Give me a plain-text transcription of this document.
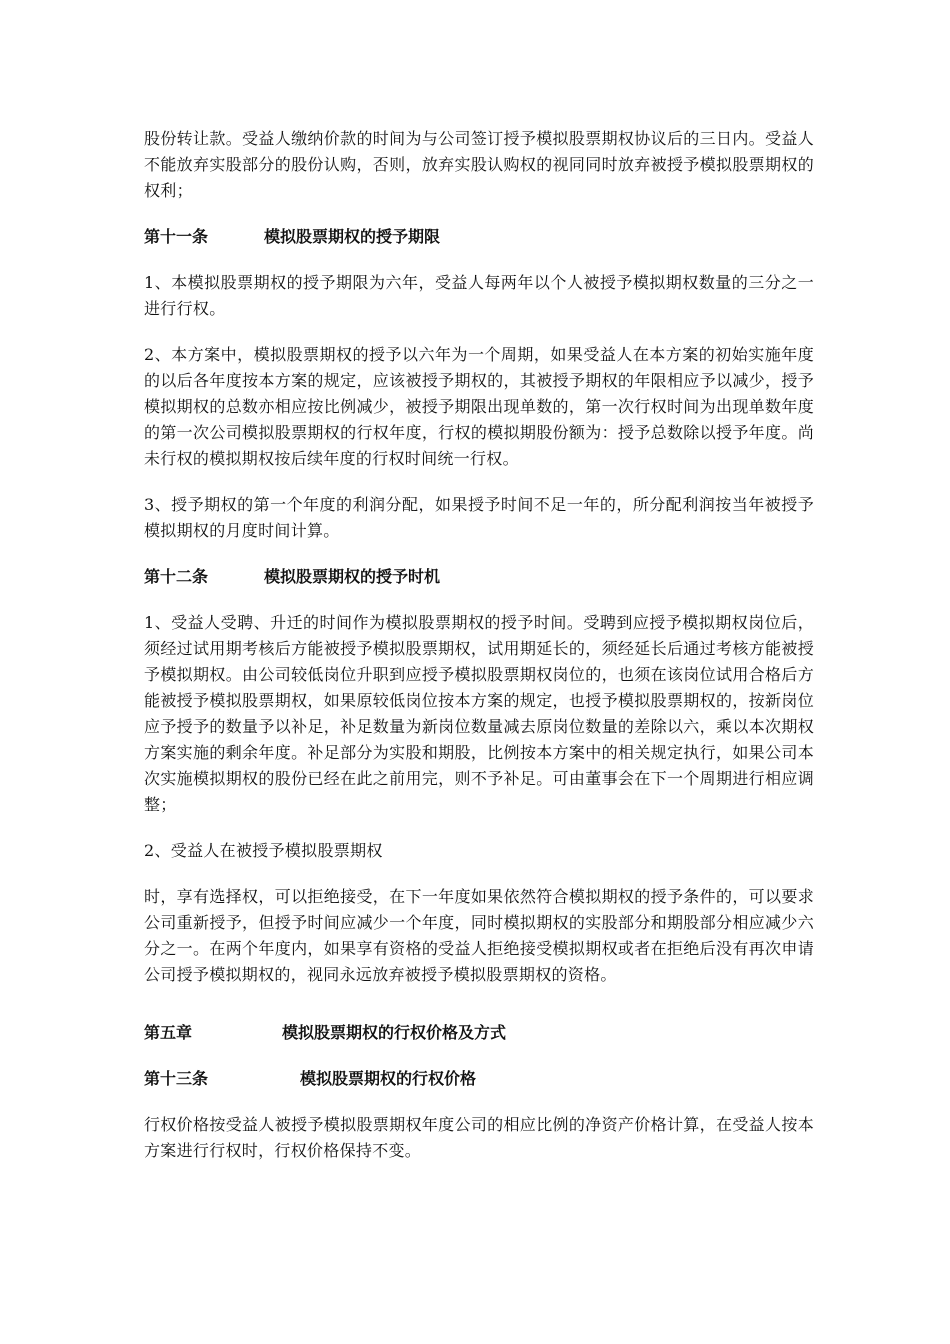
股份转让款。受益人缴纳价款的时间为与公司签订授予模拟股票期权协议后的三日内。受益人不能放弃实股部分的股份认购，否则，放弃实股认购权的视同同时放弃被授予模拟股票期权的权利；

第十一条	模拟股票期权的授予期限

1、本模拟股票期权的授予期限为六年，受益人每两年以个人被授予模拟期权数量的三分之一进行行权。

2、本方案中，模拟股票期权的授予以六年为一个周期，如果受益人在本方案的初始实施年度的以后各年度按本方案的规定，应该被授予期权的，其被授予期权的年限相应予以减少，授予模拟期权的总数亦相应按比例减少，被授予期限出现单数的，第一次行权时间为出现单数年度的第一次公司模拟股票期权的行权年度，行权的模拟期股份额为：授予总数除以授予年度。尚未行权的模拟期权按后续年度的行权时间统一行权。

3、授予期权的第一个年度的利润分配，如果授予时间不足一年的，所分配利润按当年被授予模拟期权的月度时间计算。

第十二条	模拟股票期权的授予时机

1、受益人受聘、升迁的时间作为模拟股票期权的授予时间。受聘到应授予模拟期权岗位后，须经过试用期考核后方能被授予模拟股票期权，试用期延长的，须经延长后通过考核方能被授予模拟期权。由公司较低岗位升职到应授予模拟股票期权岗位的，也须在该岗位试用合格后方能被授予模拟股票期权，如果原较低岗位按本方案的规定，也授予模拟股票期权的，按新岗位应予授予的数量予以补足，补足数量为新岗位数量减去原岗位数量的差除以六，乘以本次期权方案实施的剩余年度。补足部分为实股和期股，比例按本方案中的相关规定执行，如果公司本次实施模拟期权的股份已经在此之前用完，则不予补足。可由董事会在下一个周期进行相应调整；

2、受益人在被授予模拟股票期权

时，享有选择权，可以拒绝接受，在下一年度如果依然符合模拟期权的授予条件的，可以要求公司重新授予，但授予时间应减少一个年度，同时模拟期权的实股部分和期股部分相应减少六分之一。在两个年度内，如果享有资格的受益人拒绝接受模拟期权或者在拒绝后没有再次申请公司授予模拟期权的，视同永远放弃被授予模拟股票期权的资格。

第五章	模拟股票期权的行权价格及方式
第十三条	模拟股票期权的行权价格

行权价格按受益人被授予模拟股票期权年度公司的相应比例的净资产价格计算，在受益人按本方案进行行权时，行权价格保持不变。
